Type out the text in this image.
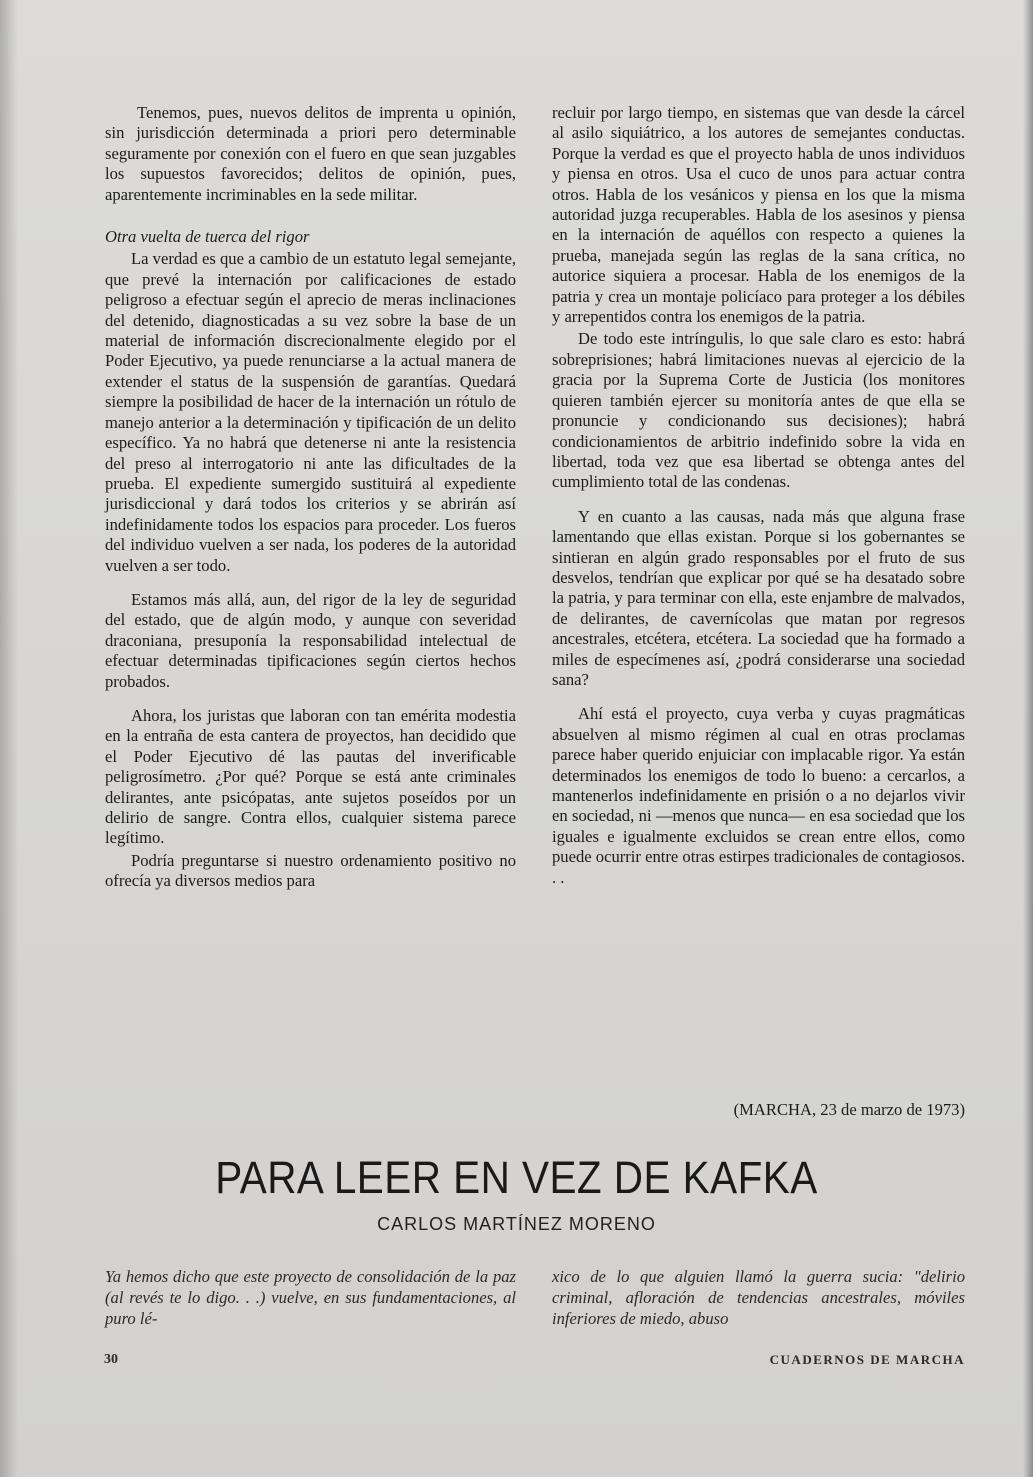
Tenemos, pues, nuevos delitos de imprenta u opinión, sin jurisdicción determinada a priori pero determinable seguramente por conexión con el fuero en que sean juzgables los supuestos favorecidos; delitos de opinión, pues, aparentemente incriminables en la sede militar.

Otra vuelta de tuerca del rigor

La verdad es que a cambio de un estatuto legal semejante, que prevé la internación por calificaciones de estado peligroso a efectuar según el aprecio de meras inclinaciones del detenido, diagnosticadas a su vez sobre la base de un material de información discrecionalmente elegido por el Poder Ejecutivo, ya puede renunciarse a la actual manera de extender el status de la suspensión de garantías. Quedará siempre la posibilidad de hacer de la internación un rótulo de manejo anterior a la determinación y tipificación de un delito específico. Ya no habrá que detenerse ni ante la resistencia del preso al interrogatorio ni ante las dificultades de la prueba. El expediente sumergido sustituirá al expediente jurisdiccional y dará todos los criterios y se abrirán así indefinidamente todos los espacios para proceder. Los fueros del individuo vuelven a ser nada, los poderes de la autoridad vuelven a ser todo.

Estamos más allá, aun, del rigor de la ley de seguridad del estado, que de algún modo, y aunque con severidad draconiana, presuponía la responsabilidad intelectual de efectuar determinadas tipificaciones según ciertos hechos probados.

Ahora, los juristas que laboran con tan emérita modestia en la entraña de esta cantera de proyectos, han decidido que el Poder Ejecutivo dé las pautas del inverificable peligrosímetro. ¿Por qué? Porque se está ante criminales delirantes, ante psicópatas, ante sujetos poseídos por un delirio de sangre. Contra ellos, cualquier sistema parece legítimo.

Podría preguntarse si nuestro ordenamiento positivo no ofrecía ya diversos medios para

recluir por largo tiempo, en sistemas que van desde la cárcel al asilo siquiátrico, a los autores de semejantes conductas. Porque la verdad es que el proyecto habla de unos individuos y piensa en otros. Usa el cuco de unos para actuar contra otros. Habla de los vesánicos y piensa en los que la misma autoridad juzga recuperables. Habla de los asesinos y piensa en la internación de aquéllos con respecto a quienes la prueba, manejada según las reglas de la sana crítica, no autorice siquiera a procesar. Habla de los enemigos de la patria y crea un montaje policíaco para proteger a los débiles y arrepentidos contra los enemigos de la patria.

De todo este intríngulis, lo que sale claro es esto: habrá sobreprisiones; habrá limitaciones nuevas al ejercicio de la gracia por la Suprema Corte de Justicia (los monitores quieren también ejercer su monitoría antes de que ella se pronuncie y condicionando sus decisiones); habrá condicionamientos de arbitrio indefinido sobre la vida en libertad, toda vez que esa libertad se obtenga antes del cumplimiento total de las condenas.

Y en cuanto a las causas, nada más que alguna frase lamentando que ellas existan. Porque si los gobernantes se sintieran en algún grado responsables por el fruto de sus desvelos, tendrían que explicar por qué se ha desatado sobre la patria, y para terminar con ella, este enjambre de malvados, de delirantes, de cavernícolas que matan por regresos ancestrales, etcétera, etcétera. La sociedad que ha formado a miles de especímenes así, ¿podrá considerarse una sociedad sana?

Ahí está el proyecto, cuya verba y cuyas pragmáticas absuelven al mismo régimen al cual en otras proclamas parece haber querido enjuiciar con implacable rigor. Ya están determinados los enemigos de todo lo bueno: a cercarlos, a mantenerlos indefinidamente en prisión o a no dejarlos vivir en sociedad, ni —menos que nunca— en esa sociedad que los iguales e igualmente excluidos se crean entre ellos, como puede ocurrir entre otras estirpes tradicionales de contagiosos. . .

(MARCHA, 23 de marzo de 1973)
PARA LEER EN VEZ DE KAFKA
CARLOS MARTÍNEZ MORENO
Ya hemos dicho que este proyecto de consolidación de la paz (al revés te lo digo. . .) vuelve, en sus fundamentaciones, al puro lé-
xico de lo que alguien llamó la guerra sucia: "delirio criminal, afloración de tendencias ancestrales, móviles inferiores de miedo, abuso
30	CUADERNOS DE MARCHA
